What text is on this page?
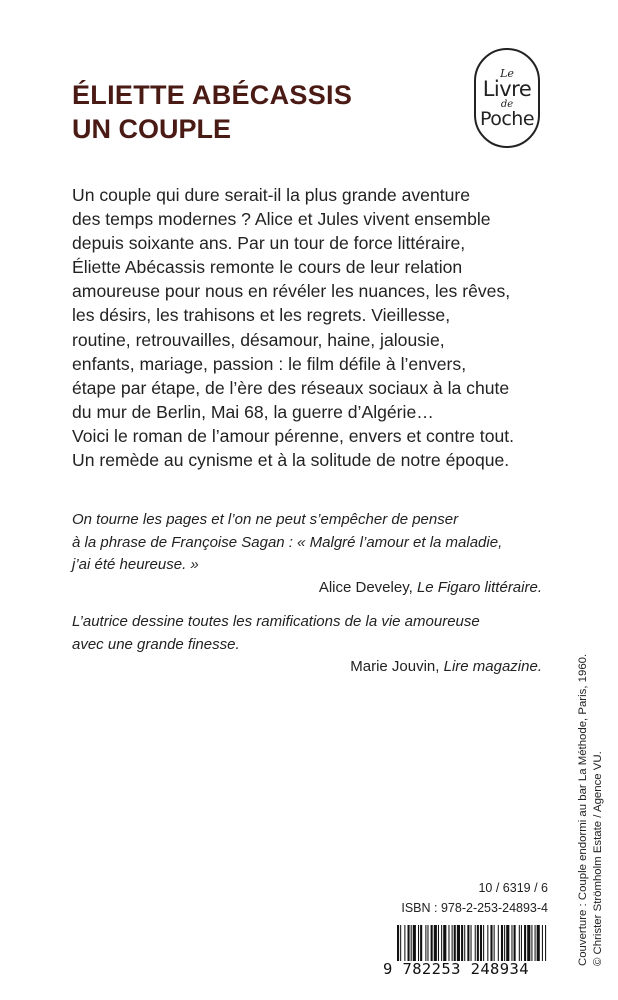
ÉLIETTE ABÉCASSIS
UN COUPLE
Le
Livre
de
Poche

Un couple qui dure serait-il la plus grande aventure

des temps modernes ? Alice et Jules vivent ensemble

depuis soixante ans. Par un tour de force littéraire,

Éliette Abécassis remonte le cours de leur relation

amoureuse pour nous en révéler les nuances, les rêves,

les désirs, les trahisons et les regrets. Vieillesse,

routine, retrouvailles, désamour, haine, jalousie,

enfants, mariage, passion : le film défile à l’envers,

étape par étape, de l’ère des réseaux sociaux à la chute

du mur de Berlin, Mai 68, la guerre d’Algérie…

Voici le roman de l’amour pérenne, envers et contre tout.

Un remède au cynisme et à la solitude de notre époque.

On tourne les pages et l’on ne peut s’empêcher de penser
à la phrase de Françoise Sagan : « Malgré l’amour et la maladie,
j’ai été heureuse. »
Alice Develey, Le Figaro littéraire.
L’autrice dessine toutes les ramifications de la vie amoureuse
avec une grande finesse.
Marie Jouvin, Lire magazine.	Couverture : Couple endormi au bar La Méthode, Paris, 1960. © Christer Strömholm Estate / Agence VU.
10 / 6319 / 6
ISBN : 978-2-253-24893-4
9 782253 248934
